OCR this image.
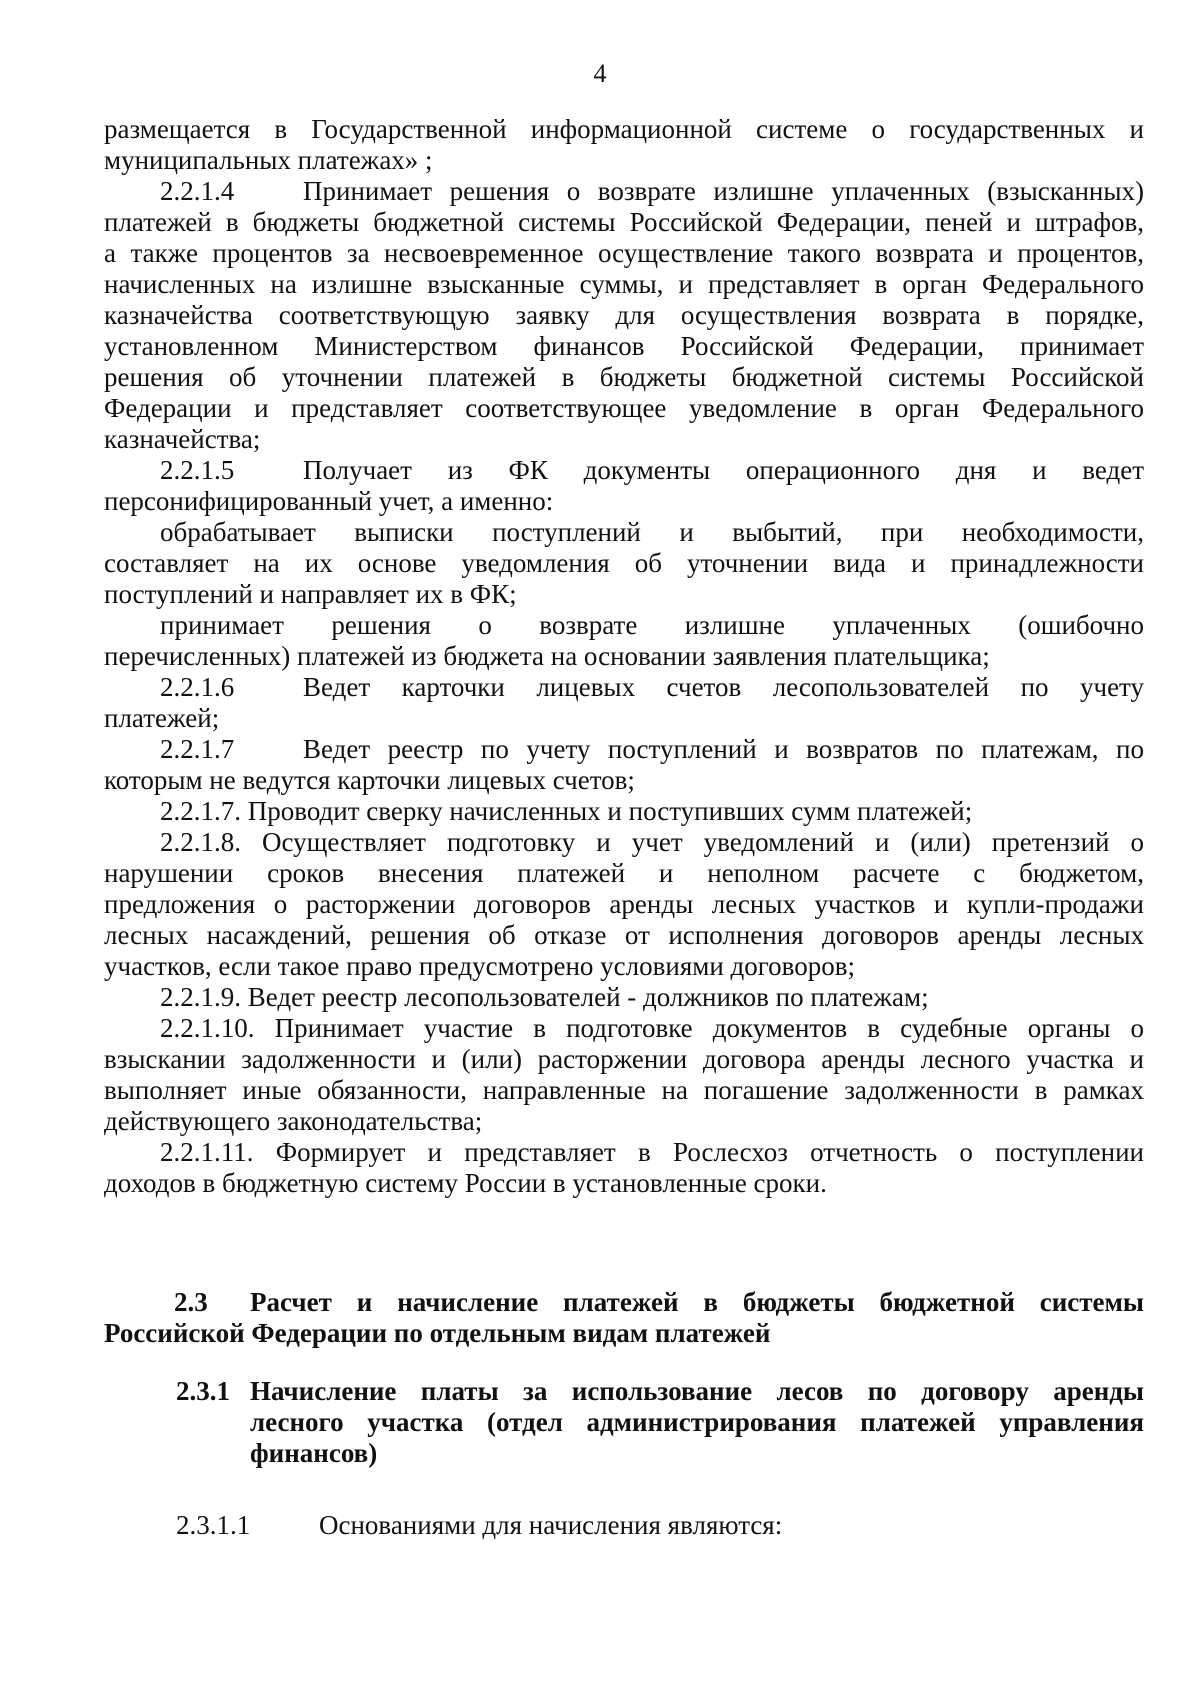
4

размещается в Государственной информационной системе о государственных и

муниципальных платежах» ;

2.2.1.4	Принимает решения о возврате излишне уплаченных (взысканных)

платежей в бюджеты бюджетной системы Российской Федерации, пеней и штрафов,

а также процентов за несвоевременное осуществление такого возврата и процентов,

начисленных на излишне взысканные суммы, и представляет в орган Федерального

казначейства соответствующую заявку для осуществления возврата в порядке,

установленном Министерством финансов Российской Федерации, принимает

решения об уточнении платежей в бюджеты бюджетной системы Российской

Федерации и представляет соответствующее уведомление в орган Федерального

казначейства;

2.2.1.5	Получает из ФК документы операционного дня и ведет

персонифицированный учет, а именно:

обрабатывает выписки поступлений и выбытий, при необходимости,

составляет на их основе уведомления об уточнении вида и принадлежности

поступлений и направляет их в ФК;

принимает решения о возврате излишне уплаченных (ошибочно

перечисленных) платежей из бюджета на основании заявления плательщика;

2.2.1.6	Ведет карточки лицевых счетов лесопользователей по учету

платежей;

2.2.1.7	Ведет реестр по учету поступлений и возвратов по платежам, по

которым не ведутся карточки лицевых счетов;

2.2.1.7. Проводит сверку начисленных и поступивших сумм платежей;

2.2.1.8. Осуществляет подготовку и учет уведомлений и (или) претензий о

нарушении сроков внесения платежей и неполном расчете с бюджетом,

предложения о расторжении договоров аренды лесных участков и купли-продажи

лесных насаждений, решения об отказе от исполнения договоров аренды лесных

участков, если такое право предусмотрено условиями договоров;

2.2.1.9. Ведет реестр лесопользователей - должников по платежам;

2.2.1.10. Принимает участие в подготовке документов в судебные органы о

взыскании задолженности и (или) расторжении договора аренды лесного участка и

выполняет иные обязанности, направленные на погашение задолженности в рамках

действующего законодательства;

2.2.1.11. Формирует и представляет в Рослесхоз отчетность о поступлении

доходов в бюджетную систему России в установленные сроки.

2.3 Расчет и начисление платежей в бюджеты бюджетной системы

Российской Федерации по отдельным видам платежей

2.3.1 Начисление платы за использование лесов по договору аренды

лесного участка (отдел администрирования платежей управления

финансов)

2.3.1.1	Основаниями для начисления являются:
